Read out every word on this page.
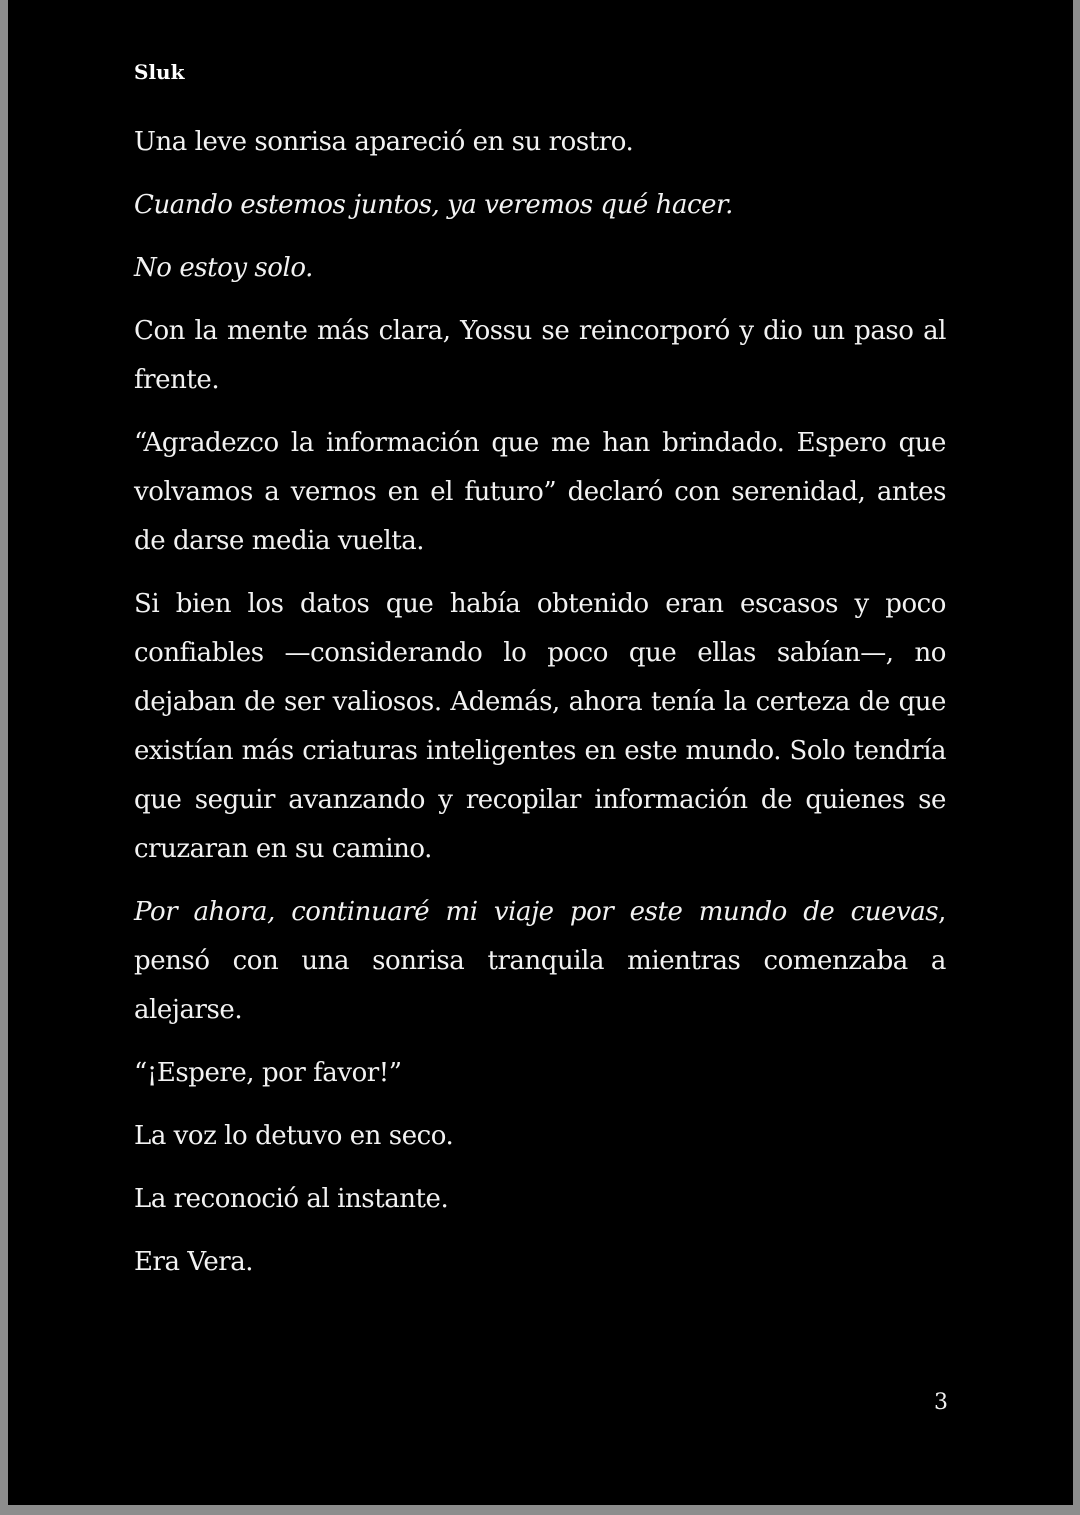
Sluk

Una leve sonrisa apareció en su rostro.

Cuando estemos juntos, ya veremos qué hacer.

No estoy solo.

Con la mente más clara, Yossu se reincorporó y dio un paso al frente.

“Agradezco la información que me han brindado. Espero que volvamos a vernos en el futuro” declaró con serenidad, antes de darse media vuelta.

Si bien los datos que había obtenido eran escasos y poco confiables —considerando lo poco que ellas sabían—, no dejaban de ser valiosos. Además, ahora tenía la certeza de que existían más criaturas inteligentes en este mundo. Solo tendría que seguir avanzando y recopilar información de quienes se cruzaran en su camino.

Por ahora, continuaré mi viaje por este mundo de cuevas, pensó con una sonrisa tranquila mientras comenzaba a alejarse.

“¡Espere, por favor!”

La voz lo detuvo en seco.

La reconoció al instante.

Era Vera.

3
